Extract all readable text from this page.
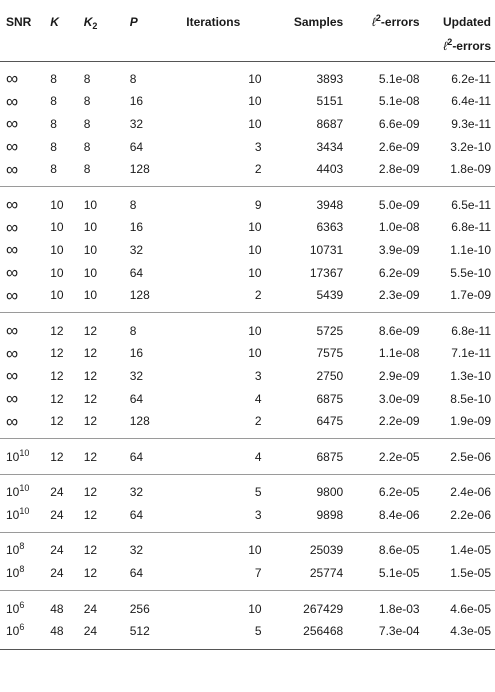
SNR	K	$K_2$	P	Iterations	Samples	ℓ$^2$-errors	Updated
ℓ$^2$-errors
∞	8	8	8	10	3893	5.1e-08	6.2e-11
∞	8	8	16	10	5151	5.1e-08	6.4e-11
∞	8	8	32	10	8687	6.6e-09	9.3e-11
∞	8	8	64	3	3434	2.6e-09	3.2e-10
∞	8	8	128	2	4403	2.8e-09	1.8e-09
∞	10	10	8	9	3948	5.0e-09	6.5e-11
∞	10	10	16	10	6363	1.0e-08	6.8e-11
∞	10	10	32	10	10731	3.9e-09	1.1e-10
∞	10	10	64	10	17367	6.2e-09	5.5e-10
∞	10	10	128	2	5439	2.3e-09	1.7e-09
∞	12	12	8	10	5725	8.6e-09	6.8e-11
∞	12	12	16	10	7575	1.1e-08	7.1e-11
∞	12	12	32	3	2750	2.9e-09	1.3e-10
∞	12	12	64	4	6875	3.0e-09	8.5e-10
∞	12	12	128	2	6475	2.2e-09	1.9e-09
$10^{10}$	12	12	64	4	6875	2.2e-05	2.5e-06
$10^{10}$	24	12	32	5	9800	6.2e-05	2.4e-06
$10^{10}$	24	12	64	3	9898	8.4e-06	2.2e-06
$10^8$	24	12	32	10	25039	8.6e-05	1.4e-05
$10^8$	24	12	64	7	25774	5.1e-05	1.5e-05
$10^6$	48	24	256	10	267429	1.8e-03	4.6e-05
$10^6$	48	24	512	5	256468	7.3e-04	4.3e-05
